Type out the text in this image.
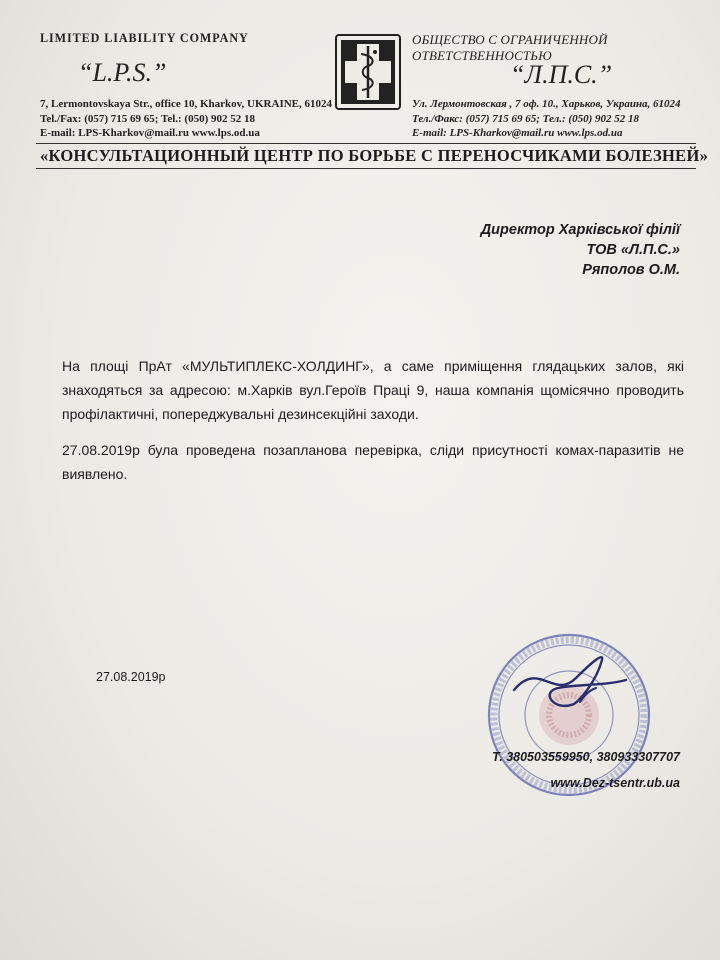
LIMITED LIABILITY COMPANY
“L.P.S.”
7, Lermontovskaya Str., office 10, Kharkov, UKRAINE, 61024
Tel./Fax: (057) 715 69 65; Tel.: (050) 902 52 18
E-mail: LPS-Kharkov@mail.ru www.lps.od.ua
ОБЩЕСТВО С ОГРАНИЧЕННОЙ ОТВЕТСТВЕННОСТЬЮ
“Л.П.С.”
Ул. Лермонтовская , 7 оф. 10., Харьков, Украина, 61024
Тел./Факс: (057) 715 69 65; Тел.: (050) 902 52 18
E-mail: LPS-Kharkov@mail.ru www.lps.od.ua
«КОНСУЛЬТАЦИОННЫЙ ЦЕНТР ПО БОРЬБЕ С ПЕРЕНОСЧИКАМИ БОЛЕЗНЕЙ»
Директор Харківської філії
ТОВ «Л.П.С.»
Ряполов О.М.

На площі ПрАт «МУЛЬТИПЛЕКС-ХОЛДИНГ», а саме приміщення глядацьких залов, які знаходяться за адресою: м.Харків вул.Героїв Праці 9, наша компанія щомісячно проводить профілактичні, попереджувальні дезинсекційні заходи.

27.08.2019р була проведена позапланова перевірка, сліди присутності комах-паразитів не виявлено.

27.08.2019р
Т. 380503559950, 380933307707
www.Dez-tsentr.ub.ua
